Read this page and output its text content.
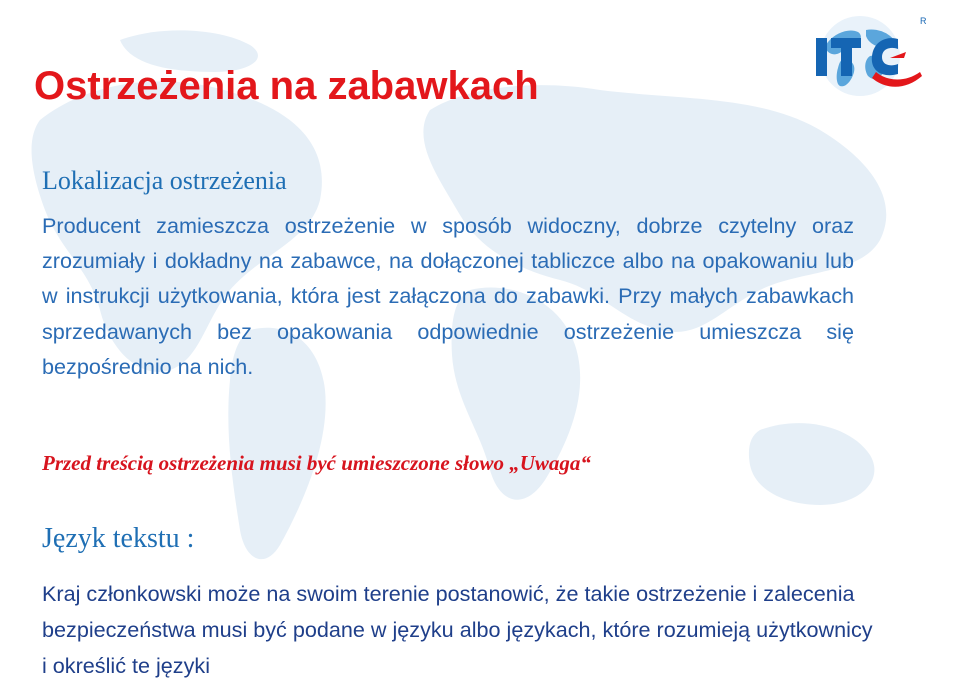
Ostrzeżenia na zabawkach
R
Lokalizacja ostrzeżenia

Producent zamieszcza ostrzeżenie w sposób widoczny, dobrze czytelny oraz zrozumiały i dokładny na zabawce, na dołączonej tabliczce albo na opakowaniu lub w instrukcji użytkowania, która jest załączona do zabawki. Przy małych zabawkach sprzedawanych bez opakowania odpowiednie ostrzeżenie umieszcza się bezpośrednio na nich.

Przed treścią ostrzeżenia musi być umieszczone słowo „Uwaga“

Język tekstu :

Kraj członkowski może na swoim terenie postanowić, że takie ostrzeżenie i zalecenia bezpieczeństwa musi być podane w języku albo językach, które rozumieją użytkownicy i określić te języki
